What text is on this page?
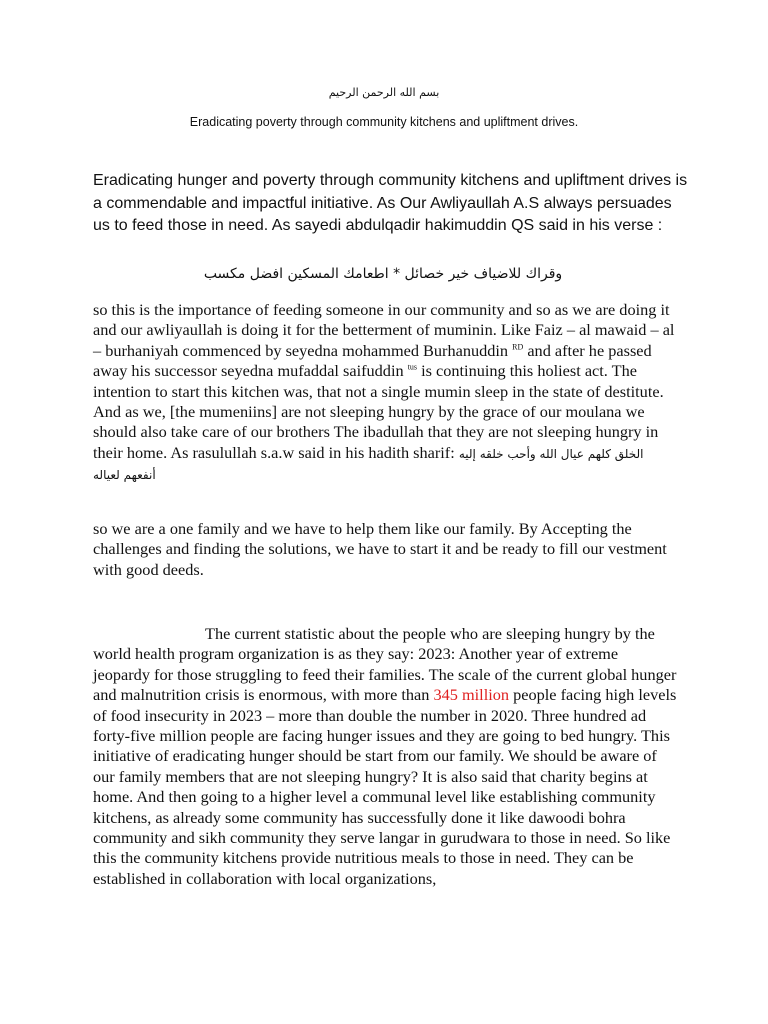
بسم الله الرحمن الرحيم
Eradicating poverty through community kitchens and upliftment drives.

Eradicating hunger and poverty through community kitchens and upliftment drives is a commendable and impactful initiative. As Our Awliyaullah A.S always persuades us to feed those in need. As sayedi abdulqadir hakimuddin QS said in his verse :

وقراك للاضياف خير خصائل * اطعامك المسكين افضل مكسب

so this is the importance of feeding someone in our community and so as we are doing it and our awliyaullah is doing it for the betterment of muminin. Like Faiz – al mawaid – al – burhaniyah commenced by seyedna mohammed Burhanuddin $^{RD}$ and after he passed away his successor seyedna mufaddal saifuddin $^{tus}$ is continuing this holiest act. The intention to start this kitchen was, that not a single mumin sleep in the state of destitute. And as we, [the mumeniins] are not sleeping hungry by the grace of our moulana we should also take care of our brothers The ibadullah that they are not sleeping hungry in their home. As rasulullah s.a.w said in his hadith sharif: الخلق كلهم عيال الله وأحب خلقه إليه أنفعهم لعياله

so we are a one family and we have to help them like our family. By Accepting the challenges and finding the solutions, we have to start it and be ready to fill our vestment with good deeds.

The current statistic about the people who are sleeping hungry by the world health program organization is as they say: 2023: Another year of extreme jeopardy for those struggling to feed their families. The scale of the current global hunger and malnutrition crisis is enormous, with more than 345 million people facing high levels of food insecurity in 2023 – more than double the number in 2020. Three hundred ad forty-five million people are facing hunger issues and they are going to bed hungry. This initiative of eradicating hunger should be start from our family. We should be aware of our family members that are not sleeping hungry? It is also said that charity begins at home. And then going to a higher level a communal level like establishing community kitchens, as already some community has successfully done it like dawoodi bohra community and sikh community they serve langar in gurudwara to those in need. So like this the community kitchens provide nutritious meals to those in need. They can be established in collaboration with local organizations,
